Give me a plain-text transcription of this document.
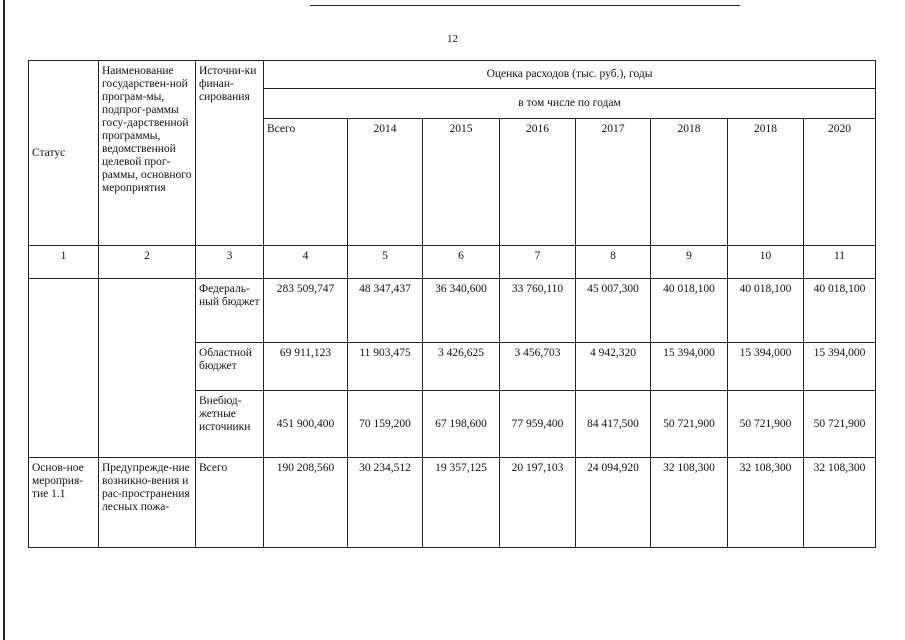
12
Статус	Наименование государствен-ной програм-мы, подпрог-раммы госу-дарственной программы, ведомственной целевой прог-раммы, основного мероприятия	Источни-ки финан-сирования	Оценка расходов (тыс. руб.), годы							
			в том числе по годам							
			Всего	2014	2015	2016	2017	2018	2018	2020
1	2	3	4	5	6	7	8	9	10	11
		Федераль-ный бюджет	283 509,747	48 347,437	36 340,600	33 760,110	45 007,300	40 018,100	40 018,100	40 018,100
		Областной бюджет	69 911,123	11 903,475	3 426,625	3 456,703	4 942,320	15 394,000	15 394,000	15 394,000
		Внебюд-жетные источники	451 900,400	70 159,200	67 198,600	77 959,400	84 417,500	50 721,900	50 721,900	50 721,900
Основ-ное мероприя-тие 1.1	Предупрежде-ние возникно-вения и рас-пространения лесных пожа-	Всего	190 208,560	30 234,512	19 357,125	20 197,103	24 094,920	32 108,300	32 108,300	32 108,300
